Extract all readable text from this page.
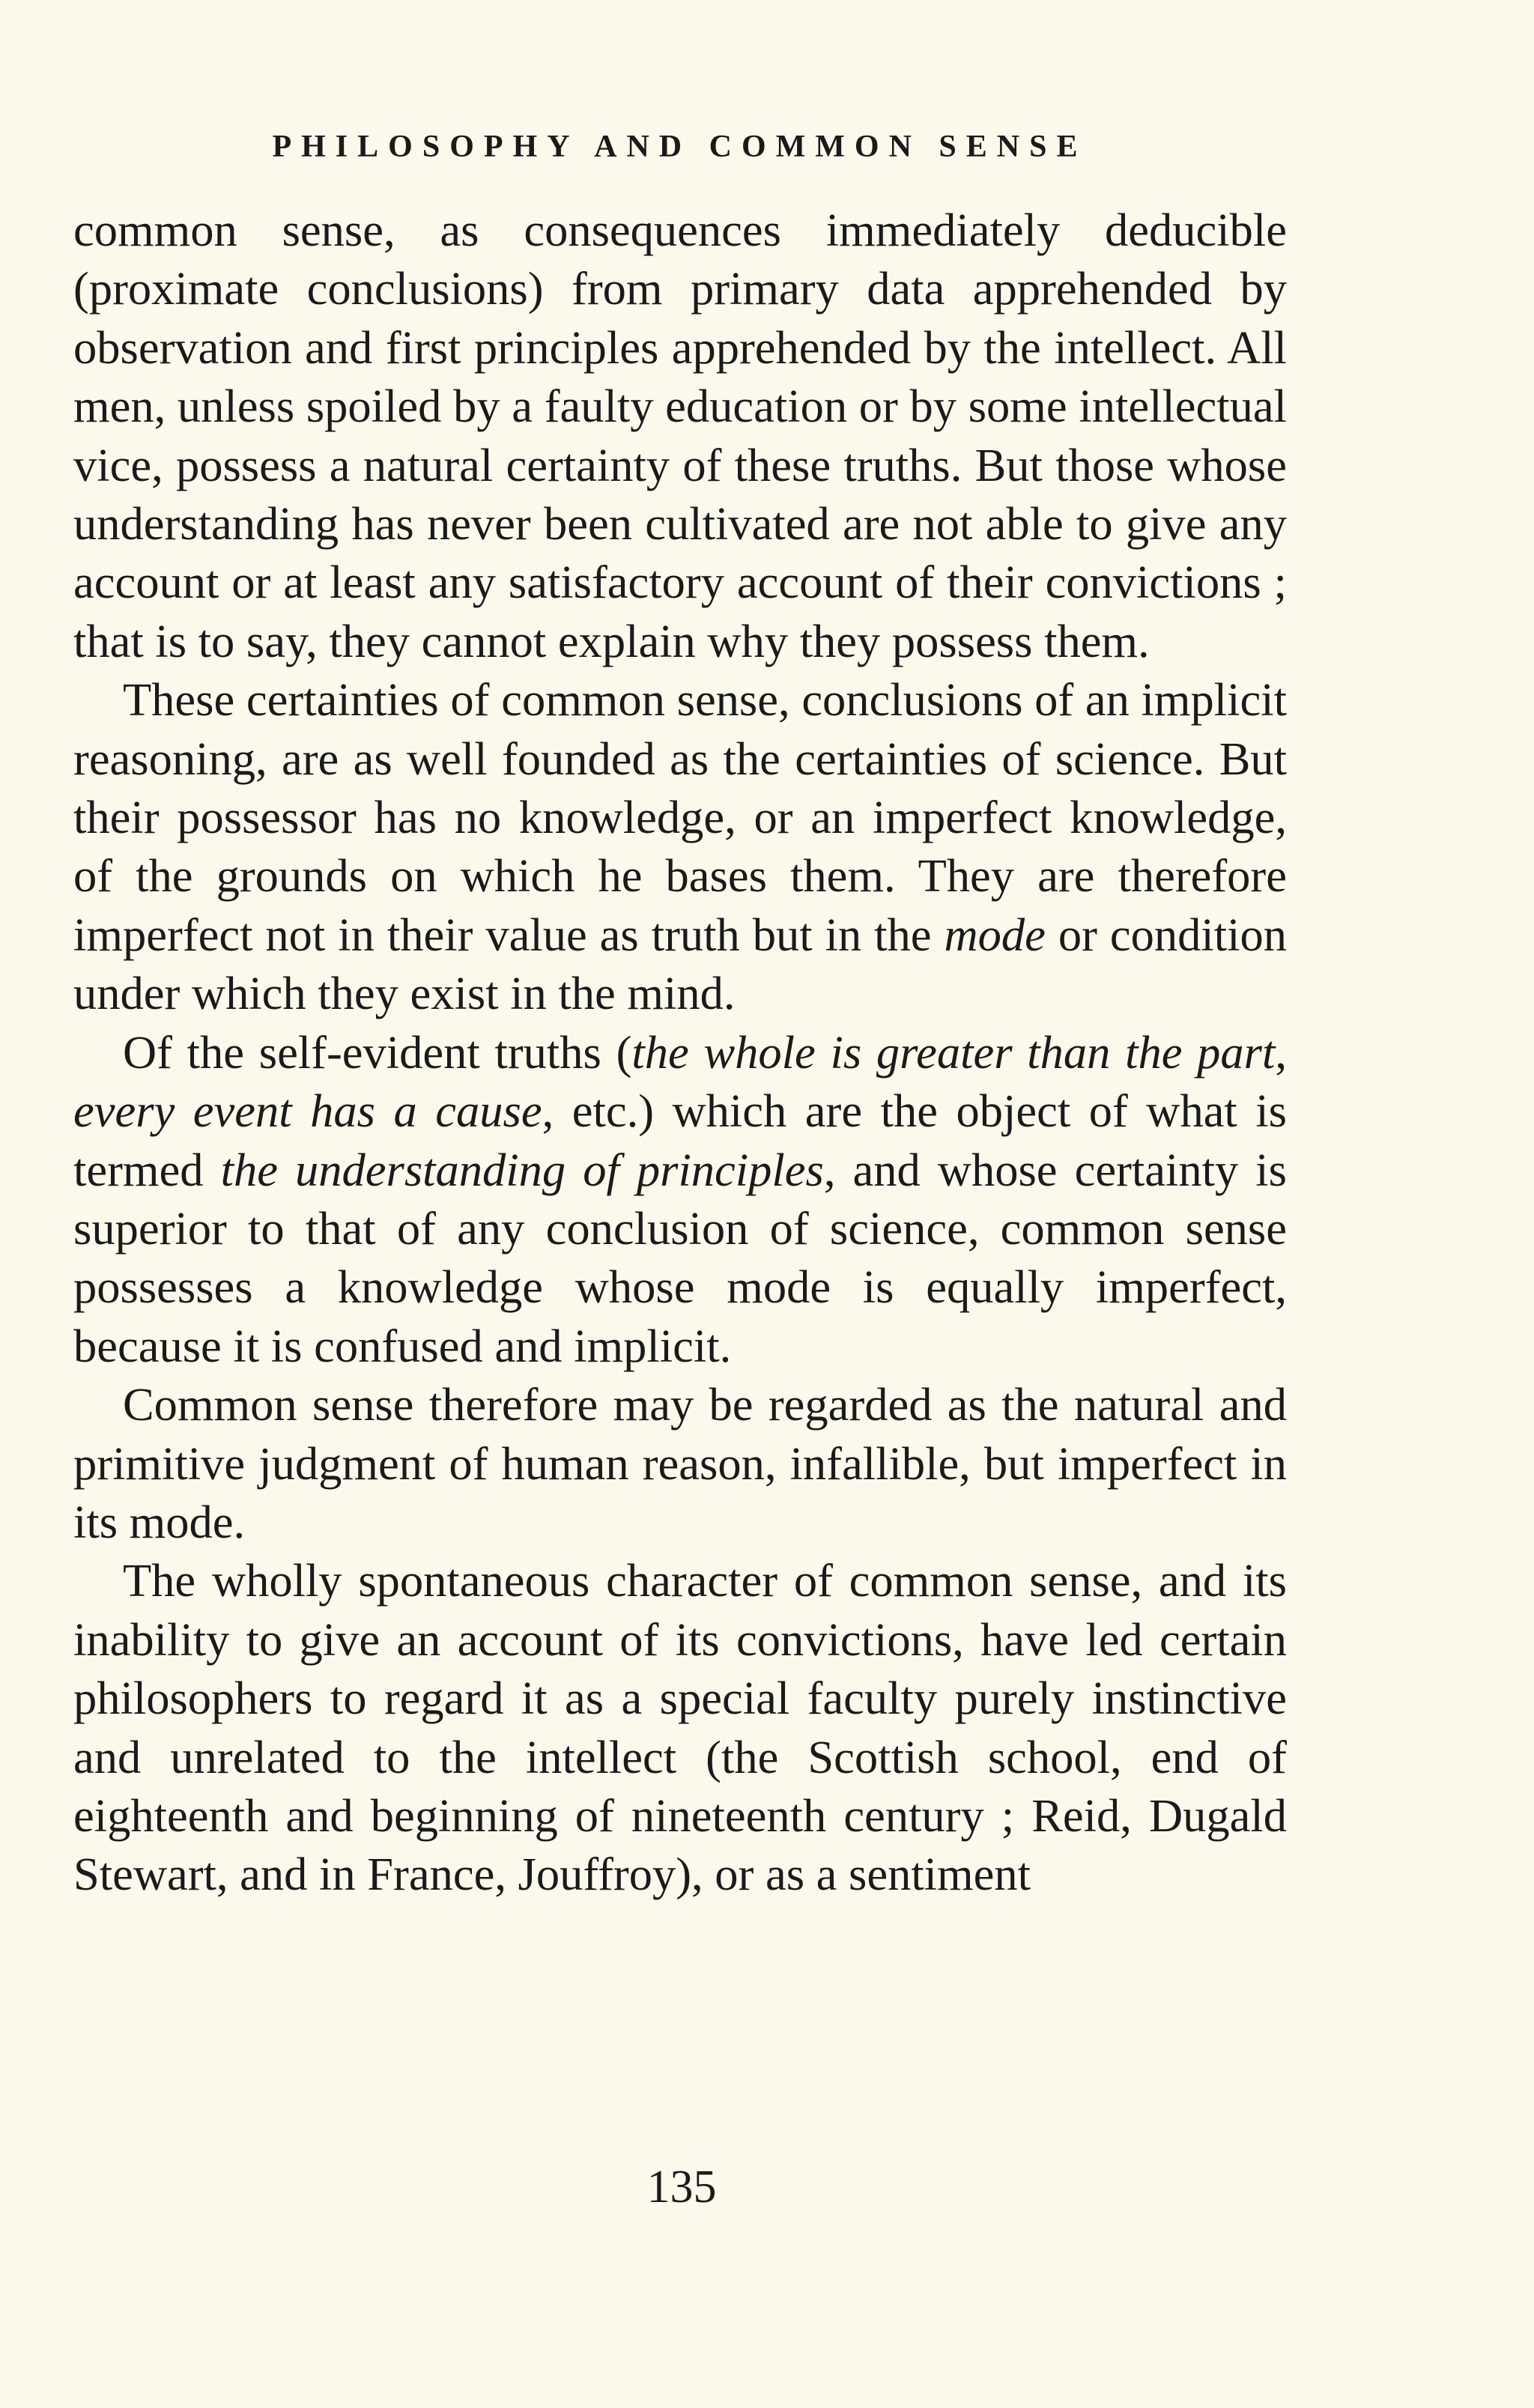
PHILOSOPHY AND COMMON SENSE

common sense, as consequences immediately deducible (proximate conclusions) from primary data apprehended by observation and first principles apprehended by the intellect. All men, unless spoiled by a faulty education or by some intellectual vice, possess a natural certainty of these truths. But those whose understanding has never been cultivated are not able to give any account or at least any satisfactory account of their convictions ; that is to say, they cannot explain why they possess them.

These certainties of common sense, conclusions of an implicit reasoning, are as well founded as the certainties of science. But their possessor has no knowledge, or an imperfect knowledge, of the grounds on which he bases them. They are therefore imperfect not in their value as truth but in the mode or condition under which they exist in the mind.

Of the self-evident truths (the whole is greater than the part, every event has a cause, etc.) which are the object of what is termed the understanding of principles, and whose certainty is superior to that of any conclusion of science, common sense possesses a knowledge whose mode is equally imperfect, because it is confused and implicit.

Common sense therefore may be regarded as the natural and primitive judgment of human reason, infallible, but imperfect in its mode.

The wholly spontaneous character of common sense, and its inability to give an account of its convictions, have led certain philosophers to regard it as a special faculty purely instinctive and unrelated to the intellect (the Scottish school, end of eighteenth and beginning of nineteenth century ; Reid, Dugald Stewart, and in France, Jouffroy), or as a sentiment

135
